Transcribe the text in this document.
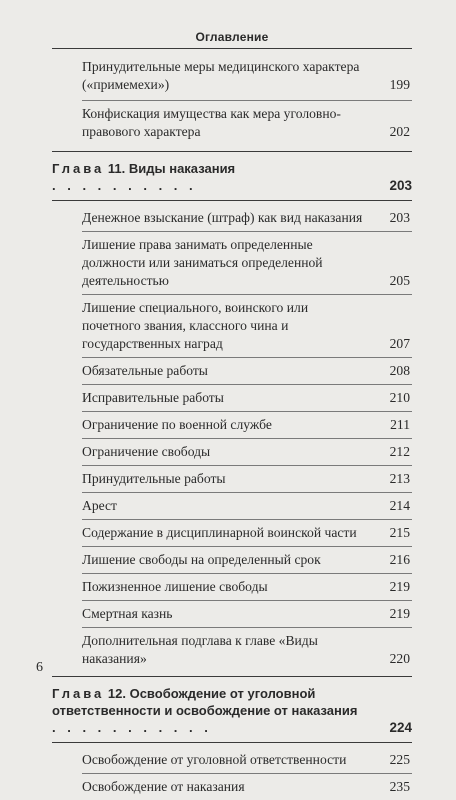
Оглавление
Принудительные меры медицинского характера («примемехи»)	199
Конфискация имущества как мера уголовно-правового характера	202
Глава 11. Виды наказания . . . . . . . . . .	203
Денежное взыскание (штраф) как вид наказания 203
Лишение права занимать определенные должности или заниматься определенной деятельностью	205
Лишение специального, воинского или почетного звания, классного чина и государственных наград	207
Обязательные работы	208
Исправительные работы	210
Ограничение по военной службе	211
Ограничение свободы	212
Принудительные работы	213
Арест	214
Содержание в дисциплинарной воинской части 215
Лишение свободы на определенный срок	216
Пожизненное лишение свободы	219
Смертная казнь	219
Дополнительная подглава к главе «Виды наказания»	220
Глава 12. Освобождение от уголовной ответственности и освобождение от наказания . . . . . . . . . . .	224
Освобождение от уголовной ответственности	225
Освобождение от наказания	235
6
